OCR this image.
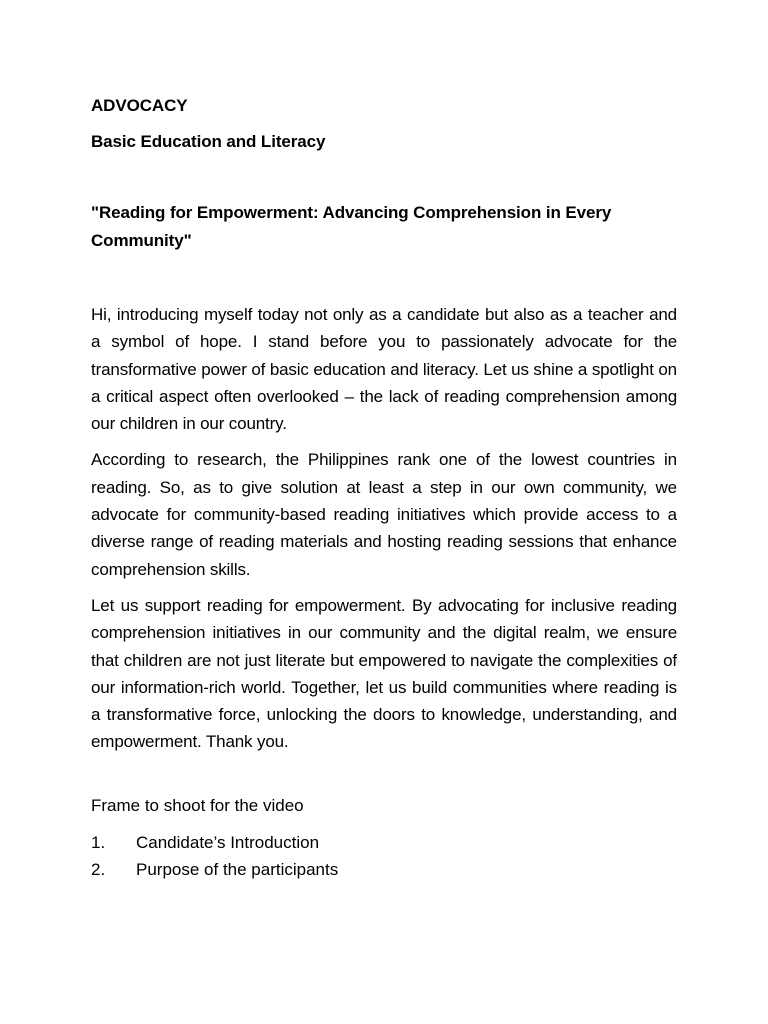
ADVOCACY

Basic Education and Literacy

"Reading for Empowerment: Advancing Comprehension in Every Community"

Hi, introducing myself today not only as a candidate but also as a teacher and a symbol of hope. I stand before you to passionately advocate for the transformative power of basic education and literacy. Let us shine a spotlight on a critical aspect often overlooked – the lack of reading comprehension among our children in our country.

According to research, the Philippines rank one of the lowest countries in reading. So, as to give solution at least a step in our own community, we advocate for community-based reading initiatives which provide access to a diverse range of reading materials and hosting reading sessions that enhance comprehension skills.

Let us support reading for empowerment. By advocating for inclusive reading comprehension initiatives in our community and the digital realm, we ensure that children are not just literate but empowered to navigate the complexities of our information-rich world. Together, let us build communities where reading is a transformative force, unlocking the doors to knowledge, understanding, and empowerment. Thank you.

Frame to shoot for the video

1.	Candidate’s Introduction
2.	Purpose of the participants
